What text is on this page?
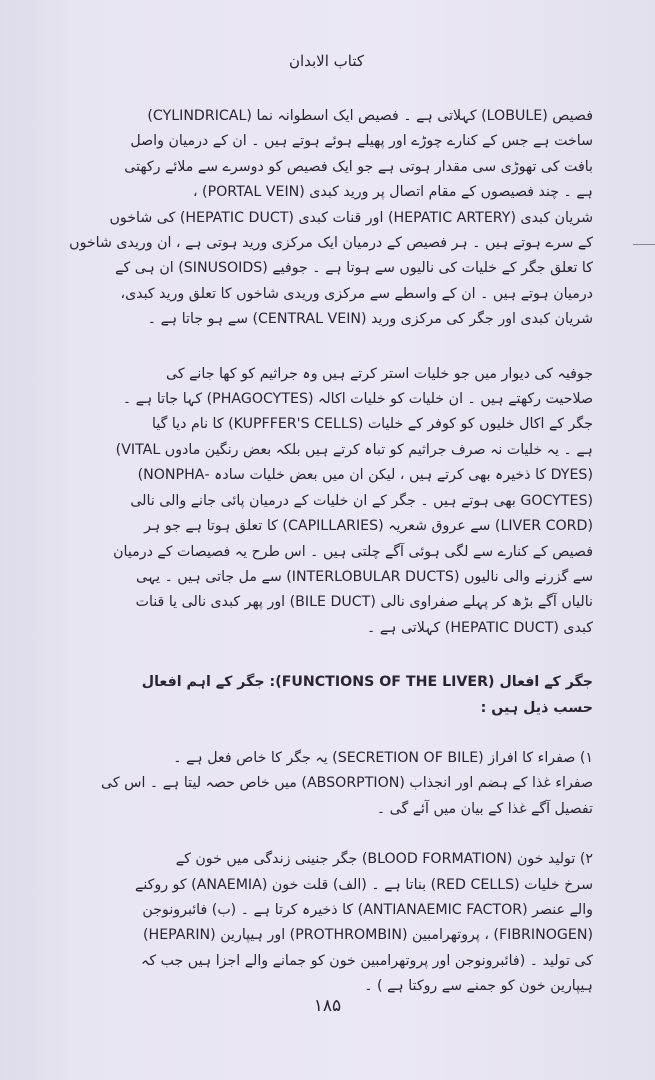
کتاب الابدان

فصیص (LOBULE) کہلاتی ہے ۔ فصیص ایک اسطوانہ نما (CYLINDRICAL)

ساخت ہے جس کے کنارے چوڑے اور پھیلے ہوئے ہوتے ہیں ۔ ان کے درمیان واصل

بافت کی تھوڑی سی مقدار ہوتی ہے جو ایک فصیص کو دوسرے سے ملائے رکھتی

ہے ۔ چند فصیصوں کے مقام اتصال پر ورید کبدی (PORTAL VEIN) ،

شریان کبدی (HEPATIC ARTERY) اور قنات کبدی (HEPATIC DUCT) کی شاخوں

کے سرے ہوتے ہیں ۔ ہر فصیص کے درمیان ایک مرکزی ورید ہوتی ہے ، ان وریدی شاخوں

کا تعلق جگر کے خلیات کی نالیوں سے ہوتا ہے ۔ جوفیے (SINUSOIDS) ان ہی کے

درمیان ہوتے ہیں ۔ ان کے واسطے سے مرکزی وریدی شاخوں کا تعلق ورید کبدی،

شریان کبدی اور جگر کی مرکزی ورید (CENTRAL VEIN) سے ہو جاتا ہے ۔

جوفیہ کی دیوار میں جو خلیات استر کرتے ہیں وہ جراثیم کو کھا جانے کی

صلاحیت رکھتے ہیں ۔ ان خلیات کو خلیات اکالہ (PHAGOCYTES) کہا جاتا ہے ۔

جگر کے اکال خلیوں کو کوفر کے خلیات (KUPFFER'S CELLS) کا نام دیا گیا

ہے ۔ یہ خلیات نہ صرف جراثیم کو تباہ کرتے ہیں بلکہ بعض رنگین مادوں VITAL)

(DYES کا ذخیرہ بھی کرتے ہیں ، لیکن ان میں بعض خلیات سادہ -NONPHA)

(GOCYTES بھی ہوتے ہیں ۔ جگر کے ان خلیات کے درمیان پائی جانے والی نالی

(LIVER CORD) سے عروق شعریہ (CAPILLARIES) کا تعلق ہوتا ہے جو ہر

فصیص کے کنارے سے لگی ہوئی آگے چلتی ہیں ۔ اس طرح یہ فصیصات کے درمیان

سے گزرنے والی نالیوں (INTERLOBULAR DUCTS) سے مل جاتی ہیں ۔ یہی

نالیاں آگے بڑھ کر پہلے صفراوی نالی (BILE DUCT) اور پھر کبدی نالی یا قنات

کبدی (HEPATIC DUCT) کہلاتی ہے ۔

جگر کے افعال (FUNCTIONS OF THE LIVER): جگر کے اہم افعال

حسب ذیل ہیں :

۱) صفراء کا افراز (SECRETION OF BILE) یہ جگر کا خاص فعل ہے ۔

صفراء غذا کے ہضم اور انجذاب (ABSORPTION) میں خاص حصہ لیتا ہے ۔ اس کی

تفصیل آگے غذا کے بیان میں آئے گی ۔

۲) تولید خون (BLOOD FORMATION) جگر جنینی زندگی میں خون کے

سرخ خلیات (RED CELLS) بناتا ہے ۔ (الف) قلت خون (ANAEMIA) کو روکنے

والے عنصر (ANTIANAEMIC FACTOR) کا ذخیرہ کرتا ہے ۔ (ب) فائبرونوجن

(FIBRINOGEN) ، پروتھرامبین (PROTHROMBIN) اور ہیپارین (HEPARIN)

کی تولید ۔ (فائبرونوجن اور پروتھرامبین خون کو جمانے والے اجزا ہیں جب کہ

ہیپارین خون کو جمنے سے روکتا ہے ) ۔

۱۸۵
